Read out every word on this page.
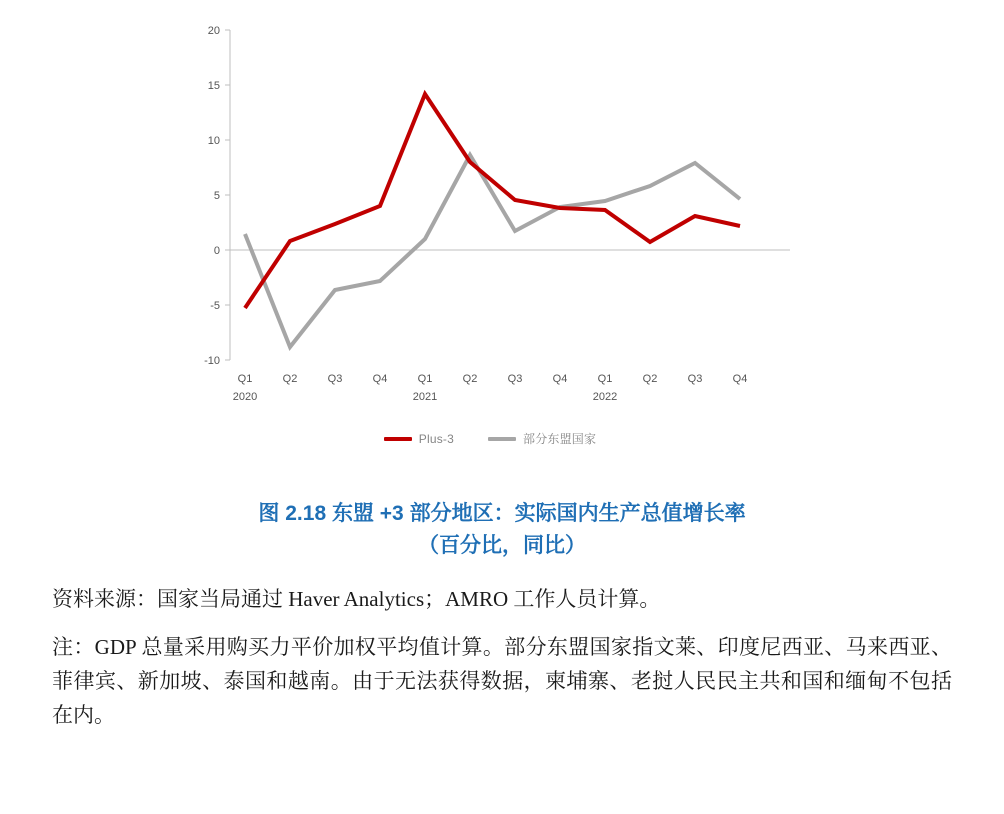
20
15
10
5
0
-5
-10
Q1	Q2	Q3	Q4	Q1	Q2	Q3	Q4	Q1	Q2	Q3	Q4
2020	2021	2022
Plus-3	部分东盟国家
图 2.18 东盟 +3 部分地区：实际国内生产总值增长率
（百分比，同比）
资料来源：国家当局通过 Haver Analytics；AMRO 工作人员计算。
注：GDP 总量采用购买力平价加权平均值计算。部分东盟国家指文莱、印度尼西亚、马来西亚、菲律宾、新加坡、泰国和越南。由于无法获得数据，柬埔寨、老挝人民民主共和国和缅甸不包括在内。
